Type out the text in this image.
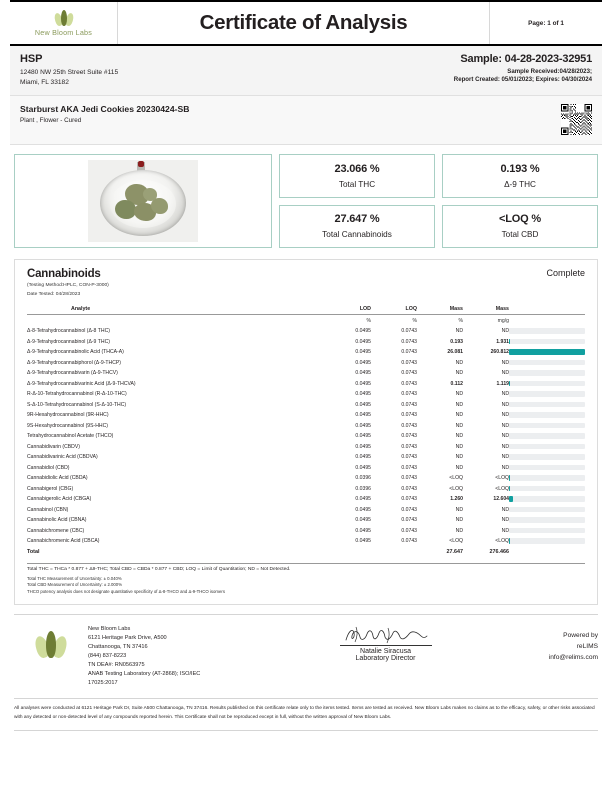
New Bloom Labs	Certificate of Analysis	Page: 1 of 1
HSP
12480 NW 25th Street Suite #115
Miami, FL 33182
Sample: 04-28-2023-32951
Sample Received:04/28/2023;
Report Created: 05/01/2023; Expires: 04/30/2024
Starburst AKA Jedi Cookies 20230424-SB
Plant , Flower - Cured
23.066 %
Total THC
0.193 %
Δ-9 THC
27.647 %
Total Cannabinoids
<LOQ %
Total CBD
Cannabinoids	Complete
(Testing Method:HPLC, CON-P-3000)
Date Tested: 04/28/2023
Analyte	LOD	LOQ	Mass	Mass	
	%	%	%	mg/g	
Δ-8-Tetrahydrocannabinol (Δ-8 THC)	0.0495	0.0743	ND	ND	

Δ-9-Tetrahydrocannabinol (Δ-9 THC)	0.0495	0.0743	0.193	1.931	

Δ-9-Tetrahydrocannabinolic Acid (THCA-A)	0.0495	0.0743	26.081	260.812	

Δ-9-Tetrahydrocannabiphorol (Δ-9-THCP)	0.0495	0.0743	ND	ND	

Δ-9-Tetrahydrocannabivarin (Δ-9-THCV)	0.0495	0.0743	ND	ND	

Δ-9-Tetrahydrocannabivarinic Acid (Δ-9-THCVA)	0.0495	0.0743	0.112	1.119	

R-Δ-10-Tetrahydrocannabinol (R-Δ-10-THC)	0.0495	0.0743	ND	ND	

S-Δ-10-Tetrahydrocannabinol (S-Δ-10-THC)	0.0495	0.0743	ND	ND	

9R-Hexahydrocannabinol (9R-HHC)	0.0495	0.0743	ND	ND	

9S-Hexahydrocannabinol (9S-HHC)	0.0495	0.0743	ND	ND	

Tetrahydrocannabinol Acetate (THCO)	0.0495	0.0743	ND	ND	

Cannabidivarin (CBDV)	0.0495	0.0743	ND	ND	

Cannabidivarinic Acid (CBDVA)	0.0495	0.0743	ND	ND	

Cannabidiol (CBD)	0.0495	0.0743	ND	ND	

Cannabidiolic Acid (CBDA)	0.0396	0.0743	<LOQ	<LOQ	

Cannabigerol (CBG)	0.0396	0.0743	<LOQ	<LOQ	

Cannabigerolic Acid (CBGA)	0.0495	0.0743	1.260	12.604	

Cannabinol (CBN)	0.0495	0.0743	ND	ND	

Cannabinolic Acid (CBNA)	0.0495	0.0743	ND	ND	

Cannabichromene (CBC)	0.0495	0.0743	ND	ND	

Cannabichromenic Acid (CBCA)	0.0495	0.0743	<LOQ	<LOQ	

Total			27.647	276.466	
Total THC = THCa * 0.877 + Δ9-THC; Total CBD = CBDa * 0.877 + CBD; LOQ = Limit of Quantitation; ND = Not Detected.
Total THC Measurement of Uncertainty: ± 0.040%
Total CBD Measurement of Uncertainty: ± 2.000%
THCO potency analysis does not designate quantitative specificity of Δ-8-THCO and Δ-9-THCO isomers
New Bloom Labs
6121 Heritage Park Drive, A500
Chattanooga, TN 37416
(844) 837-8223
TN DEA#: RN0563975
ANAB Testing Laboratory (AT-2868); ISO/IEC
17025:2017
Natalie Siracusa
Laboratory Director
Powered by
reLIMS
info@relims.com
All analyses were conducted at 6121 Heritage Park Dr, Suite A500 Chattanooga, TN 37416. Results published on this certificate relate only to the items tested. Items are tested as received. New Bloom Labs makes no claims as to the efficacy, safety, or other risks associated with any detected or non-detected level of any compounds reported herein. This Certificate shall not be reproduced except in full, without the written approval of New Bloom Labs.
